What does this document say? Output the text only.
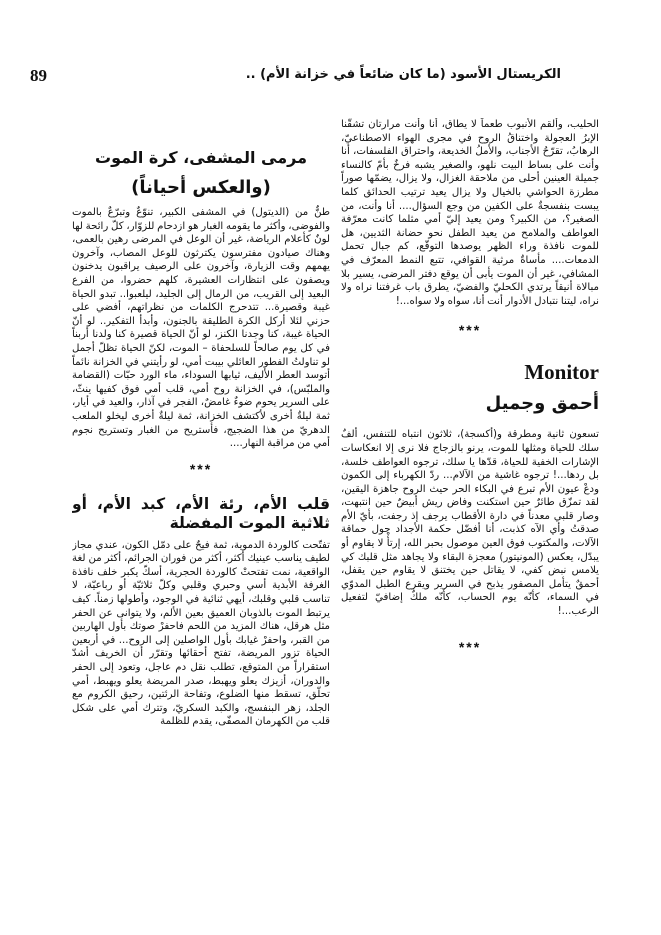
89	الكريستال الأسود (ما كان ضائعاً في خزانة الأم) ..

الحليب، وألقم الأنبوب طعماً لا يطاق، أنا وأنت مرارتان تشقّنا الإبرُ العجولة واختناقُ الروح في مجرى الهواء الاصطناعيّ، الرهابُ، تقرّحُ الأجناب، والأملُ الخديعة، واحتراق الفلسفات، أنا وأنت على بساط البيت نلهو، والصغير يشبه فرخٌ بأمّ كالنساء جميلة العينين أحلى من ملاحقة الغزال، ولا يزال، يضمّها صوراً مطرزة الحواشي بالخيال ولا يزال يعيد ترتيب الحدائق كلما يبست بنفسجةٌ على الكفين من وجع السؤال.... أنا وأنت، من الصغير؟، من الكبير؟ ومن يعيد إليّ أمي مثلما كانت معرّفة العواطف والملامح من يعيد الطفل نحو حضانة الثديين، هل للموت نافذة وراء الظهر يوصدها التوقّع، كم جبال تحمل الدمعات.... مأساةٌ مرثية القوافي، تتبع النمط المعرّف في المشافي، غير أن الموت يأبى أن يوقع دفتر المرضى، يسير بلا مبالاة أنيقاً يرتدي الكحليّ والفضيّ، يطرق باب غرفتنا نراه ولا نراه، ليتنا نتبادل الأدوار أنت أنا، سواه ولا سواه...!

***
Monitor
أحمق وجميل

تسعون ثانية ومطرقة و(أكسجة)، ثلاثون انتباه للتنفس، ألفٌ سلك للحياة ومثلها للموت، يرنو بالزجاج فلا نرى إلا انعكاسات الإشارات الخفية للحياة، قدّها يا سلك، ترجوه العواطف خلسة، بل ردها...! ترجوه غاشية من الآلام... ردّ الكهرباء إلى الكمون ودعْ عيون الأم تبرع في البكاء الحر حيث الروح جاهزة اليقين، لقد تمزّق طائرٌ حين استكنت وفاض ريش أبيضٌ حين انتبهت، وصار قلبي معدناً في دارة الأقطاب يرجف إذ رجفت، بأيّ الأم صدقتُ وأي الآه كذبت، أنا أفضّل حكمة الأجداد حول حماقة الآلات، والمكتوب فوق العين موصول بحبر الله، إرتأْ لا يقاوم أو يبدّل، يعكس (المونيتور) معجزة البقاء ولا يجاهد مثل قلبك كي يلامس نبض كفي، لا يقاتل حين يختنق لا يقاوم حين يقفل، أحمقٌ يتأمل المصفور يذبح في السرير ويقرع الطبل المدوّي في السماء، كأنّه يوم الحساب، كأنّه ملكٌ إضافيّ لتفعيل الرعب...!

***
مرمى المشفى، كرة الموت
(والعكس أحياناً)

طنٌّ من (الديتول) في المشفى الكبير، تنوّعٌ وتبرّعٌ بالموت والفوضى، وأكثر ما يقومه الغبار هو ازدحام للزوّار، كلّ رائحة لها لونٌ كأعلام الرياضة، غير أن الوعل في المرضى رهين بالعمى، وهناك صيادون مفترسون يكترثون للوعل المصاب، وآخرون يهمهم وقت الزيارة، وآخرون على الرصيف يراقبون يدخنون ويصفون على انتظارات العشيرة، كلهم حضروا، من الفرع البعيد إلى القريب، من الرمال إلى الجليد، ليلعبوا.. تبدو الحياة غيبة وقصيرة... تتدحرج الكلمات من نظراتهم، أفضي على حزني لئلا أركل الكرة الطليقة بالجنون، وأبدأ التفكير.. لو أنّ الحياة غيبة، كنا وجدنا الكنز، لو أنّ الحياة قصيرة كنا ولدنا أربناً في كل يوم صالحاً للسلحفاة – الموت، لكنّ الحياة تظلّ أجمل لو تناولتُ الفطور العائلي بيبت أمي، لو رأيتني في الخزانة نائماً أتوسد العطر الأليف، ثيابها السوداء، ماء الورد حبّات (القضامة والملبّس)، في الخزانة روح أمي، قلب أمي فوق كفيها ينثّ، على السرير يحوم ضوءٌ غامضٌ، الفجر في آذار، والعيد في أيار، ثمة ليلةٌ أخرى لأكتشف الخزانة، ثمة ليلةٌ أخرى ليخلو الملعب الدهريّ من هذا الضجيج، فأستريح من الغبار وتستريح نجوم أمي من مراقبة النهار....

***
قلب الأم، رئة الأم، كبد الأم، أو ثلاثية الموت المفضلة

تفتّحت كالوردة الدموية، ثمة فيحٌ على دمّل الكون، عندي مجاز لطيف يناسب عينيك أكثر، أكثر من فوران الجرائم، أكثر من لغة الواقعية، نمت تفتحتْ كالوردة الحجرية، أسكّ يكبر خلف نافذة الغرفة الأبدية أسي وحبري وقلبي وكلّ ثلاثيّة أو رباعيّة، لا تناسب قلبي وقلبك، أيهي ثنائية في الوجود، وأطولها زمناً. كيف يرتبط الموت بالذوبان العميق بعين الألم، ولا يتوانى عن الحفر مثل هرقل، هناك المزيد من اللحم فاحفرْ صوتك بأول الهاربين من القبر، واحفرْ غيابك بأول الواصلين إلى الروح... في أربعين الحياة تزور المريضة، تفتح أحقائها وتقرّر أن الخريف أشدّ استقراراً من المتوقع، تطلب نقل دم عاجل، وتعود إلى الحفر والدوران، أزيزك يعلو ويهبط، صدر المريضة يعلو ويهبط، أمي تحلّق، تسقط منها الضلوع، وتفاحة الرئتين، رحيق الكروم مع الجلد، زهر البنفسج، والكبد السكريّ، وتترك أمي على شكل قلب من الكهرمان المصفّى، يقدم للظلمة
